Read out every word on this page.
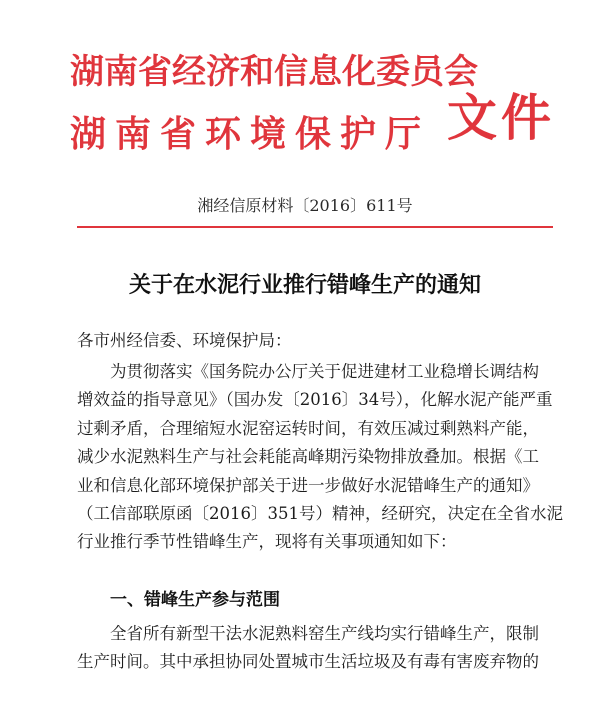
湖南省经济和信息化委员会
湖南省环境保护厅 文件
湘经信原材料〔2016〕611号
关于在水泥行业推行错峰生产的通知
各市州经信委、环境保护局：
为贯彻落实《国务院办公厅关于促进建材工业稳增长调结构
增效益的指导意见》（国办发〔2016〕34号），化解水泥产能严重
过剩矛盾，合理缩短水泥窑运转时间，有效压减过剩熟料产能，
减少水泥熟料生产与社会耗能高峰期污染物排放叠加。根据《工
业和信息化部环境保护部关于进一步做好水泥错峰生产的通知》
（工信部联原函〔2016〕351号）精神，经研究，决定在全省水泥
行业推行季节性错峰生产，现将有关事项通知如下：
一、错峰生产参与范围
全省所有新型干法水泥熟料窑生产线均实行错峰生产，限制
生产时间。其中承担协同处置城市生活垃圾及有毒有害废弃物的
